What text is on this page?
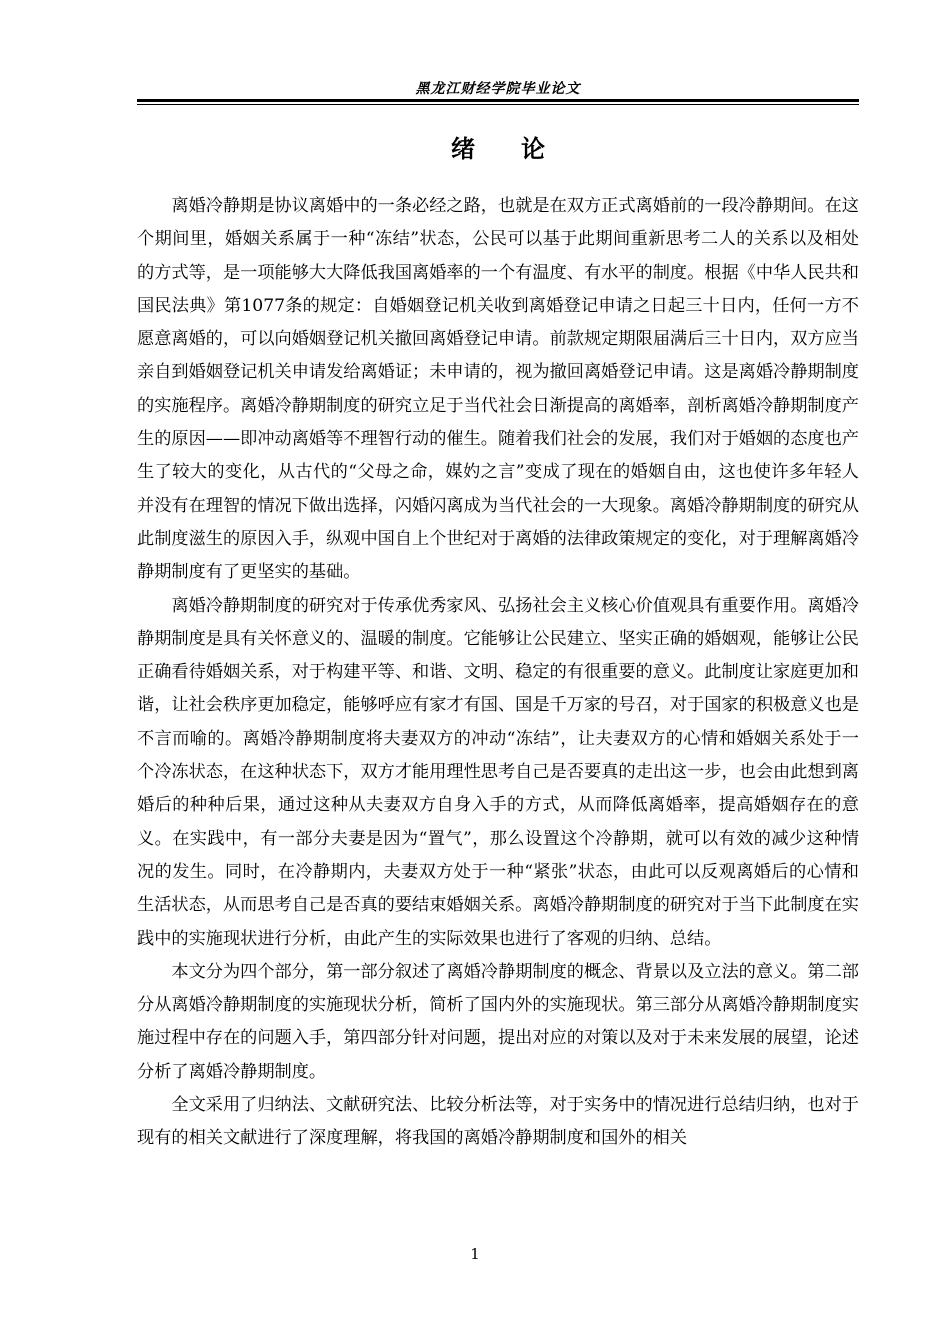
黑龙江财经学院毕业论文
绪论

离婚冷静期是协议离婚中的一条必经之路，也就是在双方正式离婚前的一段冷静期间。在这个期间里，婚姻关系属于一种“冻结”状态，公民可以基于此期间重新思考二人的关系以及相处的方式等，是一项能够大大降低我国离婚率的一个有温度、有水平的制度。根据《中华人民共和国民法典》第1077条的规定：自婚姻登记机关收到离婚登记申请之日起三十日内，任何一方不愿意离婚的，可以向婚姻登记机关撤回离婚登记申请。前款规定期限届满后三十日内，双方应当亲自到婚姻登记机关申请发给离婚证；未申请的，视为撤回离婚登记申请。这是离婚冷静期制度的实施程序。离婚冷静期制度的研究立足于当代社会日渐提高的离婚率，剖析离婚冷静期制度产生的原因——即冲动离婚等不理智行动的催生。随着我们社会的发展，我们对于婚姻的态度也产生了较大的变化，从古代的“父母之命，媒妁之言”变成了现在的婚姻自由，这也使许多年轻人并没有在理智的情况下做出选择，闪婚闪离成为当代社会的一大现象。离婚冷静期制度的研究从此制度滋生的原因入手，纵观中国自上个世纪对于离婚的法律政策规定的变化，对于理解离婚冷静期制度有了更坚实的基础。

离婚冷静期制度的研究对于传承优秀家风、弘扬社会主义核心价值观具有重要作用。离婚冷静期制度是具有关怀意义的、温暖的制度。它能够让公民建立、坚实正确的婚姻观，能够让公民正确看待婚姻关系，对于构建平等、和谐、文明、稳定的有很重要的意义。此制度让家庭更加和谐，让社会秩序更加稳定，能够呼应有家才有国、国是千万家的号召，对于国家的积极意义也是不言而喻的。离婚冷静期制度将夫妻双方的冲动“冻结”，让夫妻双方的心情和婚姻关系处于一个冷冻状态，在这种状态下，双方才能用理性思考自己是否要真的走出这一步，也会由此想到离婚后的种种后果，通过这种从夫妻双方自身入手的方式，从而降低离婚率，提高婚姻存在的意义。在实践中，有一部分夫妻是因为“置气”，那么设置这个冷静期，就可以有效的减少这种情况的发生。同时，在冷静期内，夫妻双方处于一种“紧张”状态，由此可以反观离婚后的心情和生活状态，从而思考自己是否真的要结束婚姻关系。离婚冷静期制度的研究对于当下此制度在实践中的实施现状进行分析，由此产生的实际效果也进行了客观的归纳、总结。

本文分为四个部分，第一部分叙述了离婚冷静期制度的概念、背景以及立法的意义。第二部分从离婚冷静期制度的实施现状分析，简析了国内外的实施现状。第三部分从离婚冷静期制度实施过程中存在的问题入手，第四部分针对问题，提出对应的对策以及对于未来发展的展望，论述分析了离婚冷静期制度。

全文采用了归纳法、文献研究法、比较分析法等，对于实务中的情况进行总结归纳，也对于现有的相关文献进行了深度理解，将我国的离婚冷静期制度和国外的相关

1
